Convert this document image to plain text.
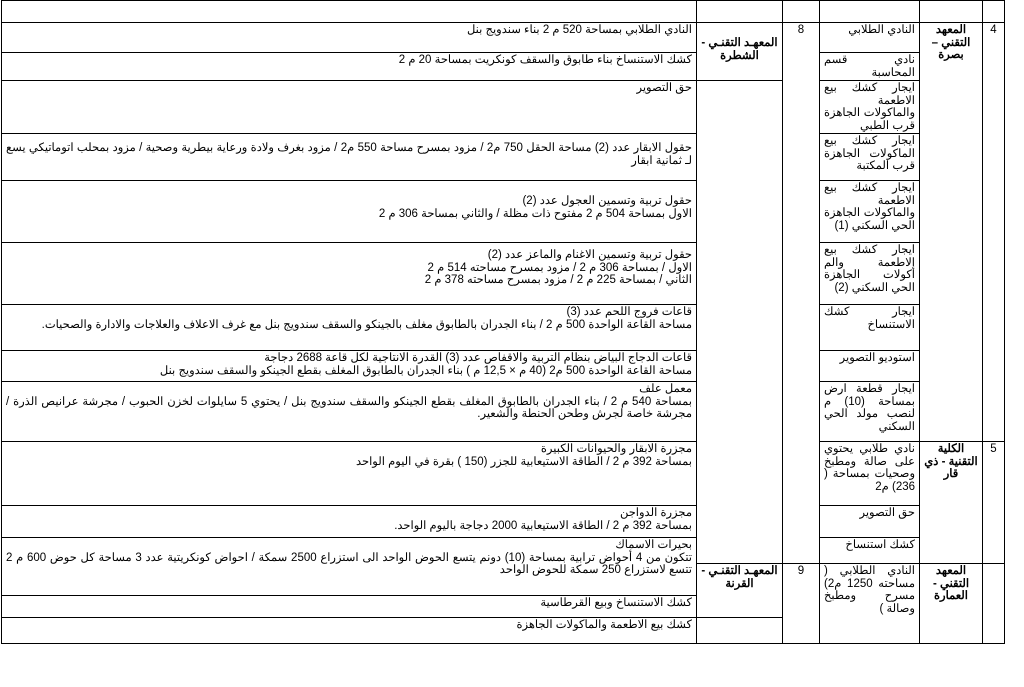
4	المعهد التقني – بصرة	النادي الطلابي	8	المعهـد التقنـي - الشطرة	النادي الطلابي بمساحة 520 م 2 بناء سندويج بنل

		نادي قسم المحاسبة			كشك الاستنساخ بناء طابوق والسقف كونكريت بمساحة 20 م 2

		ايجار كشك بيع الاطعمة والماكولات الجاهزة قرب الطبي			حق التصوير

		ايجار كشك بيع الماكولات الجاهزة قرب المكتبة			حقول الابقار عدد (2) مساحة الحقل 750 م2 / مزود بمسرح مساحة 550 م2 / مزود بغرف ولادة ورعاية بيطرية وصحية / مزود بمحلب اتوماتيكي يسع لـ ثمانية ابقار

		ايجار كشك بيع الاطعمة والماكولات الجاهزة الحي السكني (1)			حقول تربية وتسمين العجول عدد (2)
الاول بمساحة 504 م 2 مفتوح ذات مظلة / والثاني بمساحة 306 م 2

		ايجار كشك بيع الاطعمة والم أكولات الجاهزة الحي السكني (2)			حقول تربية وتسمين الاغنام والماعز عدد (2)
الاول / بمساحة 306 م 2 / مزود بمسرح مساحته 514 م 2
الثاني / بمساحة 225 م 2 / مزود بمسرح مساحته 378 م 2

		ايجار كشك الاستنساخ			قاعات فروج اللحم عدد (3)
مساحة القاعة الواحدة 500 م 2 / بناء الجدران بالطابوق مغلف بالجينكو والسقف سندويج بنل مع غرف الاعلاف والعلاجات والادارة والصحيات.

		استوديو التصوير			قاعات الدجاج البياض بنظام التربية والاقفاص عدد (3) القدرة الانتاجية لكل قاعة 2688 دجاجة
مساحة القاعة الواحدة 500 م2 (40 م × 12,5 م ) بناء الجدران بالطابوق المغلف بقطع الجينكو والسقف سندويج بنل

		ايجار قطعة ارض بمساحة (10) م لنصب مولد الحي السكني			معمل علف
بمساحة 540 م 2 / بناء الجدران بالطابوق المغلف بقطع الجينكو والسقف سندويج بنل / يحتوي 5 سايلوات لخزن الحبوب / مجرشة عرانيص الذرة / مجرشة خاصة لجرش وطحن الحنطة والشعير.

5	الكلية التقنية - ذي قار	نادي طلابي يحتوي على صالة ومطبخ وصحيات بمساحة ( 236) م2			مجزرة الابقار والحيوانات الكبيرة
بمساحة 392 م 2 / الطاقة الاستيعابية للجزر (150 ) بقرة في اليوم الواحد

		حق التصوير			مجزرة الدواجن
بمساحة 392 م 2 / الطاقة الاستيعابية 2000 دجاجة باليوم الواحد.

		كشك استنساخ			بحيرات الاسماك
تتكون من 4 أحواض ترابية بمساحة (10) دونم يتسع الحوض الواحد الى استزراع 2500 سمكة / احواض كونكريتية عدد 3 مساحة كل حوض 600 م 2 تتسع لاستزراع 250 سمكة للحوض الواحد

	المعهد التقني - العمارة	النادي الطلابي ( مساحته 1250 م2) مسرح ومطبخ وصالة )	9	المعهـد التقنـي - القرنة	

					كشك الاستنساخ وبيع القرطاسية

					كشك بيع الاطعمة والماكولات الجاهزة
